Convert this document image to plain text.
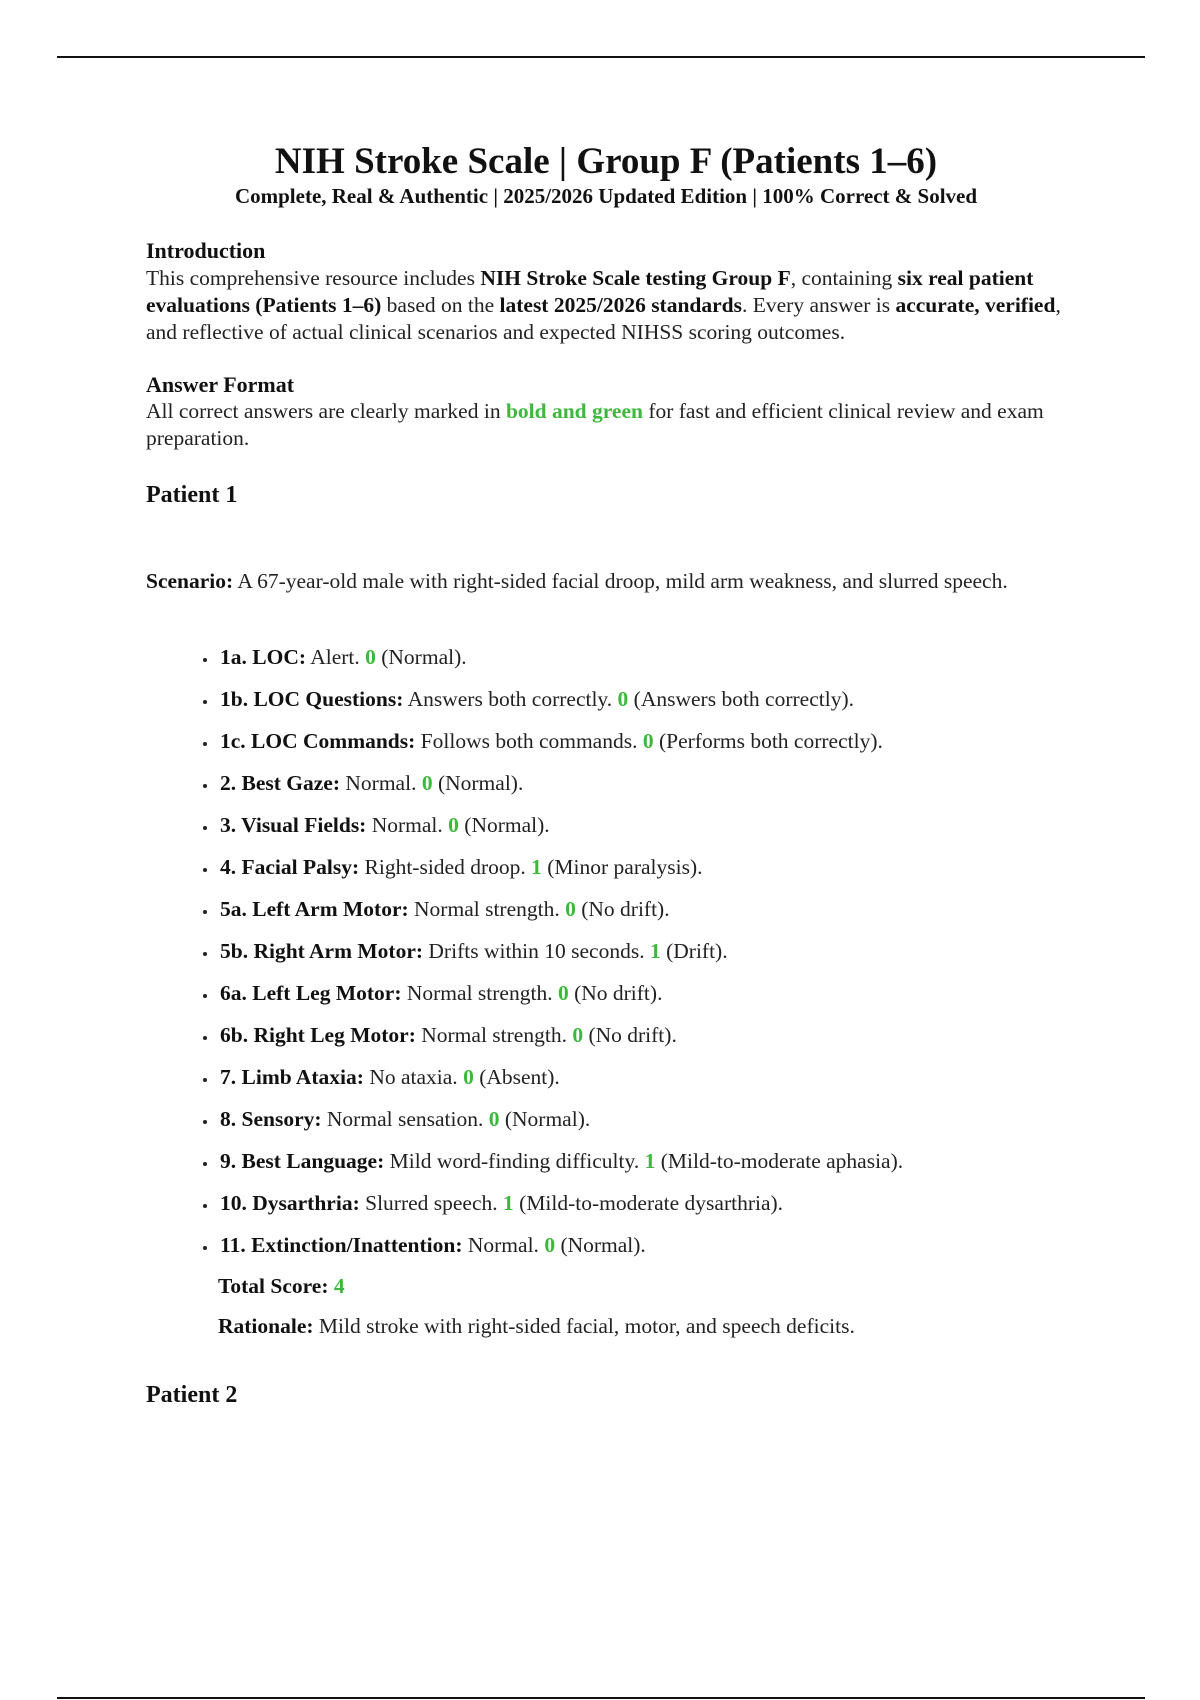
NIH Stroke Scale | Group F (Patients 1–6)
Complete, Real & Authentic | 2025/2026 Updated Edition | 100% Correct & Solved
Introduction

This comprehensive resource includes NIH Stroke Scale testing Group F, containing six real patient evaluations (Patients 1–6) based on the latest 2025/2026 standards. Every answer is accurate, verified, and reflective of actual clinical scenarios and expected NIHSS scoring outcomes.

Answer Format

All correct answers are clearly marked in bold and green for fast and efficient clinical review and exam preparation.

Patient 1

Scenario: A 67-year-old male with right-sided facial droop, mild arm weakness, and slurred speech.

• 1a. LOC: Alert. 0 (Normal).
• 1b. LOC Questions: Answers both correctly. 0 (Answers both correctly).
• 1c. LOC Commands: Follows both commands. 0 (Performs both correctly).
• 2. Best Gaze: Normal. 0 (Normal).
• 3. Visual Fields: Normal. 0 (Normal).
• 4. Facial Palsy: Right-sided droop. 1 (Minor paralysis).
• 5a. Left Arm Motor: Normal strength. 0 (No drift).
• 5b. Right Arm Motor: Drifts within 10 seconds. 1 (Drift).
• 6a. Left Leg Motor: Normal strength. 0 (No drift).
• 6b. Right Leg Motor: Normal strength. 0 (No drift).
• 7. Limb Ataxia: No ataxia. 0 (Absent).
• 8. Sensory: Normal sensation. 0 (Normal).
• 9. Best Language: Mild word-finding difficulty. 1 (Mild-to-moderate aphasia).
• 10. Dysarthria: Slurred speech. 1 (Mild-to-moderate dysarthria).
• 11. Extinction/Inattention: Normal. 0 (Normal).
Total Score: 4
Rationale: Mild stroke with right-sided facial, motor, and speech deficits.
Patient 2
